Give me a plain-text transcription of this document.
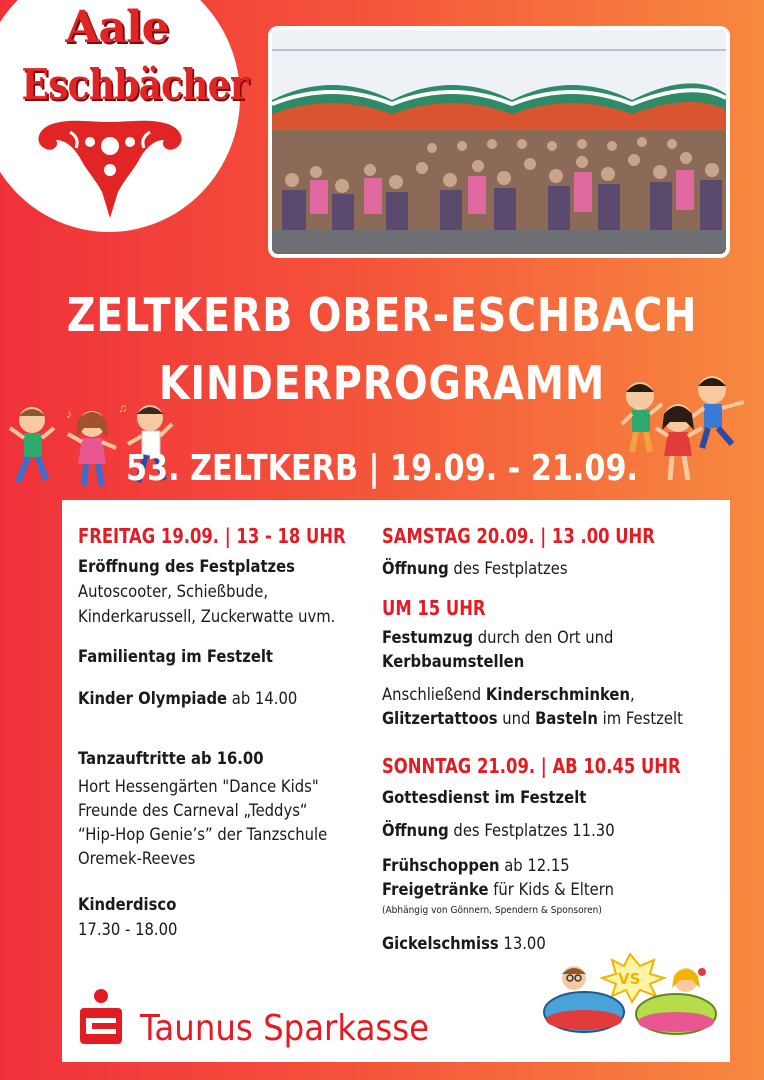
Aale
Eschbächer
ZELTKERB OBER-ESCHBACH
KINDERPROGRAMM
♪	♫
53. ZELTKERB | 19.09. - 21.09.
FREITAG 19.09. | 13 - 18 UHR
Eröffnung des Festplatzes
Autoscooter, Schießbude,
Kinderkarussell, Zuckerwatte uvm.
Familientag im Festzelt
Kinder Olympiade ab 14.00
Tanzauftritte ab 16.00
Hort Hessengärten "Dance Kids"
Freunde des Carneval „Teddys“
“Hip-Hop Genie’s” der Tanzschule
Oremek-Reeves
Kinderdisco
17.30 - 18.00
SAMSTAG 20.09. | 13 .00 UHR
Öffnung des Festplatzes
UM 15 UHR
Festumzug durch den Ort und
Kerbbaumstellen
Anschließend Kinderschminken,
Glitzertattoos und Basteln im Festzelt
SONNTAG 21.09. | AB 10.45 UHR
Gottesdienst im Festzelt
Öffnung des Festplatzes 11.30
Frühschoppen ab 12.15
Freigetränke für Kids & Eltern
(Abhängig von Gönnern, Spendern & Sponsoren)
Gickelschmiss 13.00
VS
Taunus Sparkasse
